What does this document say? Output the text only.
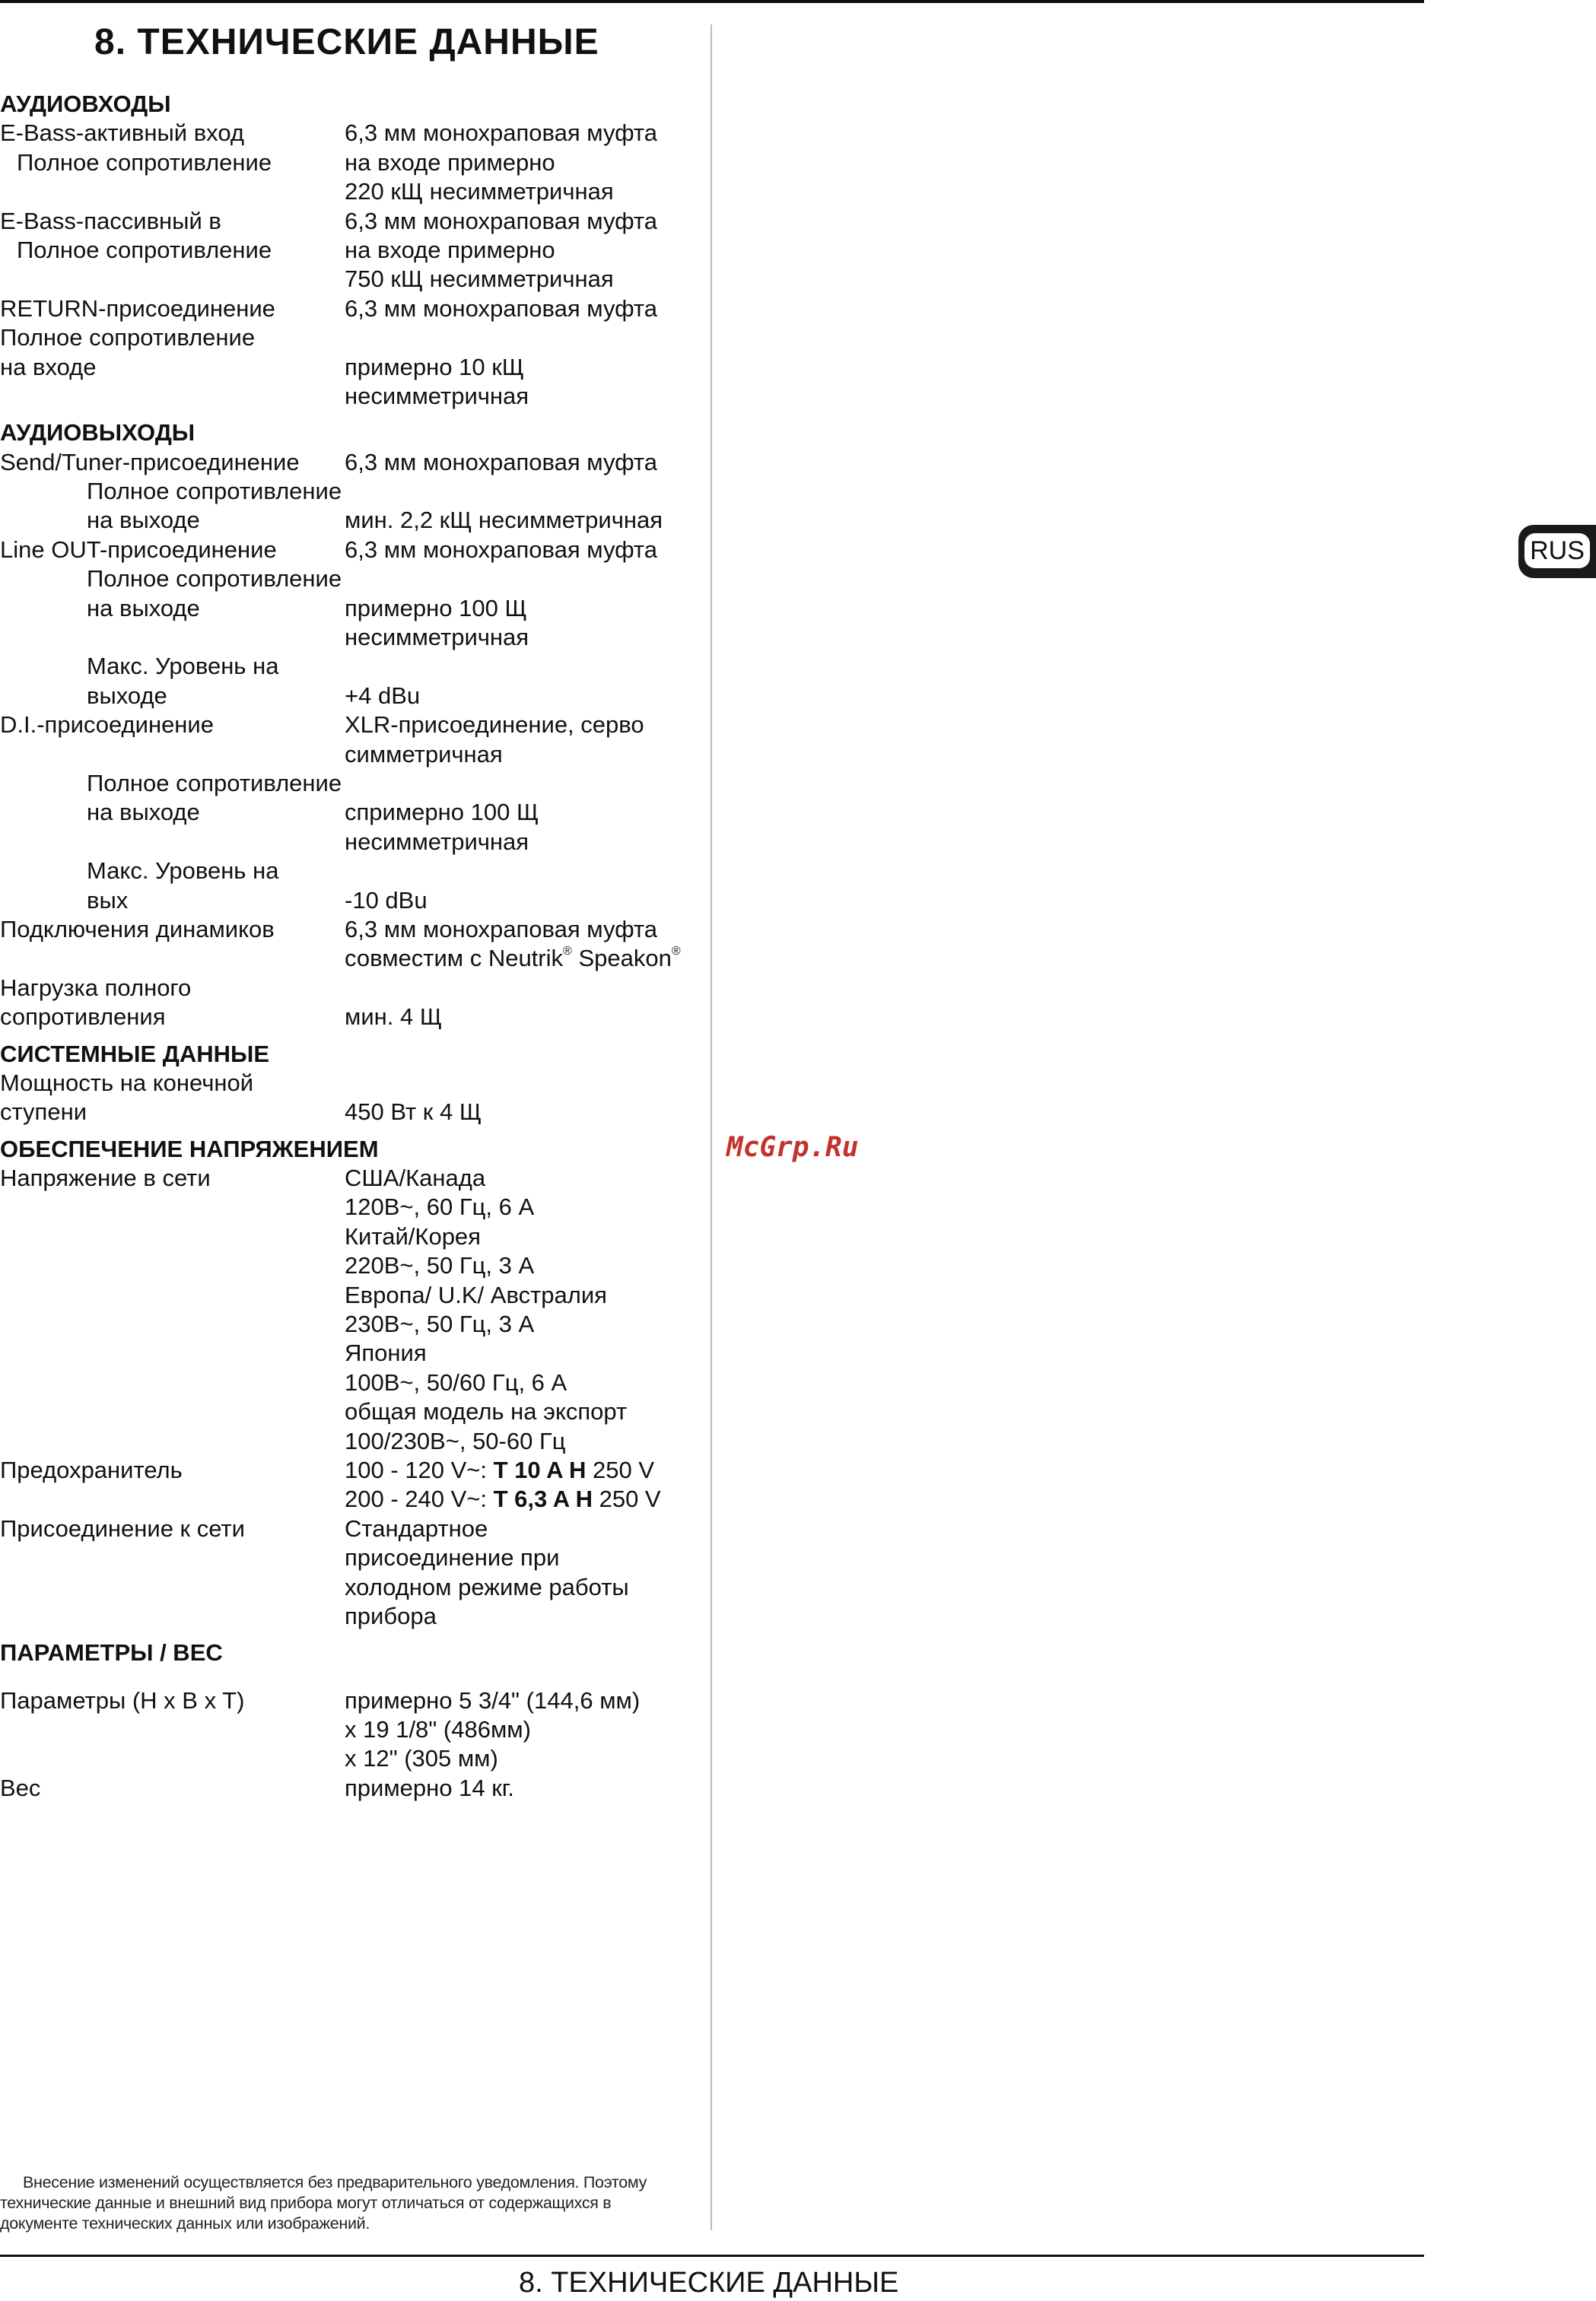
8. ТЕХНИЧЕСКИЕ ДАННЫЕ
АУДИОВХОДЫ
E-Bass-активный вход	6,3 мм монохраповая муфта
Полное сопротивление	на входе примерно
220 кЩ несимметричная
E-Bass-пассивный в	6,3 мм монохраповая муфта
Полное сопротивление	на входе примерно
750 кЩ несимметричная
RETURN-присоединение	6,3 мм монохраповая муфта
Полное сопротивление
на входе	примерно 10 кЩ
несимметричная
АУДИОВЫХОДЫ
Send/Tuner-присоединение 6,3 мм монохраповая муфта
Полное сопротивление
на выходе	мин. 2,2 кЩ несимметричная
Line OUT-присоединение	6,3 мм монохраповая муфта
Полное сопротивление
на выходе	примерно 100 Щ
несимметричная
Макс. Уровень на
выходе	+4 dBu
D.I.-присоединение	XLR-присоединение, серво
симметричная
Полное сопротивление
на выходе	спримерно 100 Щ
несимметричная
Макс. Уровень на
вых	-10 dBu
Подключения динамиков	6,3 мм монохраповая муфта
совместим с Neutrik® Speakon®
Нагрузка полного
сопротивления	мин. 4 Щ
СИСТЕМНЫЕ ДАННЫЕ
Мощность на конечной
ступени	450 Вт к 4 Щ
ОБЕСПЕЧЕНИЕ НАПРЯЖЕНИЕМ
Напряжение в сети	США/Канада
120В~, 60 Гц, 6 А
Китай/Корея
220В~, 50 Гц, 3 А
Европа/ U.K/ Австралия
230В~, 50 Гц, 3 А
Япония
100В~, 50/60 Гц, 6 А
общая модель на экспорт
100/230В~, 50-60 Гц
Предохранитель	100 - 120 V~: T 10 A H 250 V
200 - 240 V~: T 6,3 A H 250 V
Присоединение к сети	Стандартное
присоединение при
холодном режиме работы
прибора
ПАРАМЕТРЫ / ВЕС
Параметры (H x B x T)	примерно 5 3/4" (144,6 мм)
x 19 1/8" (486мм)
x 12" (305 мм)
Вес	примерно 14 кг.
McGrp.Ru
RUS
Внесение изменений осуществляется без предварительного уведомления. Поэтому
технические данные и внешний вид прибора могут отличаться от содержащихся в
документе технических данных или изображений.
8. ТЕХНИЧЕСКИЕ ДАННЫЕ
